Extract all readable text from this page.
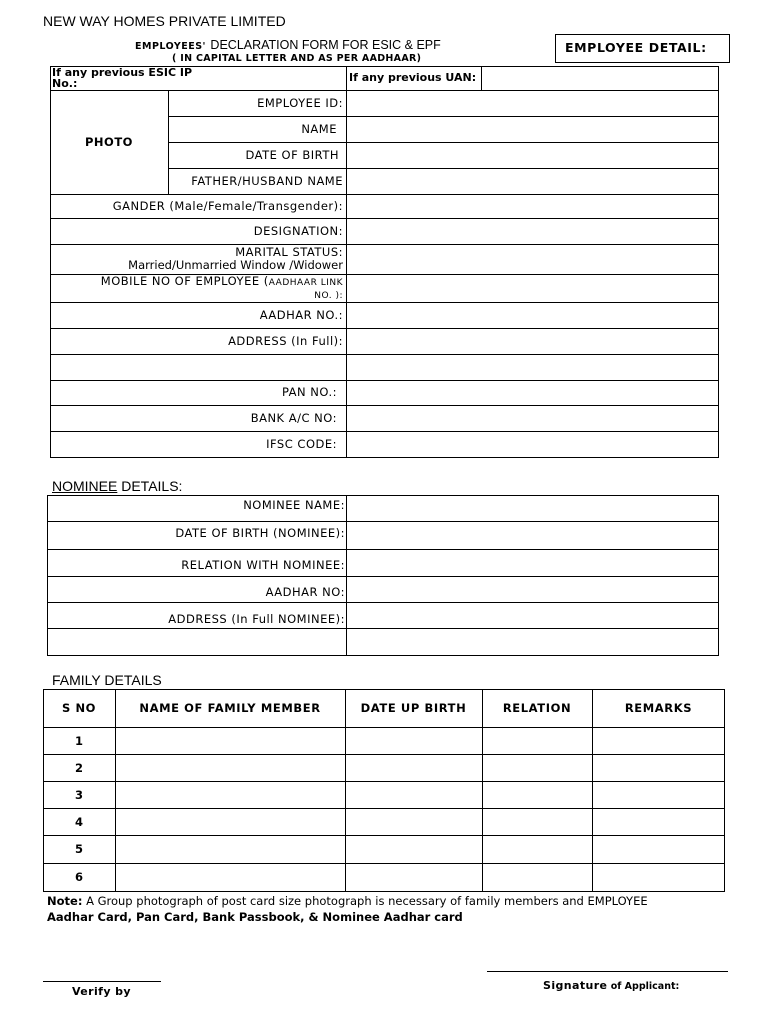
NEW WAY HOMES PRIVATE LIMITED
EMPLOYEES' DECLARATION FORM FOR ESIC & EPF
( IN CAPITAL LETTER AND AS PER AADHAAR)
EMPLOYEE DETAIL:
If any previous ESIC IP
No.:	If any previous UAN:
PHOTO
EMPLOYEE ID:
NAME
DATE OF BIRTH
FATHER/HUSBAND NAME
GANDER (Male/Female/Transgender):
DESIGNATION:
MARITAL STATUS:
Married/Unmarried Window /Widower
MOBILE NO OF EMPLOYEE (AADHAAR LINK
NO. ):
AADHAR NO.:
ADDRESS (In Full):
PAN NO.:
BANK A/C NO:
IFSC CODE:
NOMINEE DETAILS:
NOMINEE NAME:
DATE OF BIRTH (NOMINEE):
RELATION WITH NOMINEE:
AADHAR NO:
ADDRESS (In Full NOMINEE):
FAMILY DETAILS
S NO	NAME OF FAMILY MEMBER	DATE UP BIRTH	RELATION	REMARKS
1
2
3
4
5
6
Note: A Group photograph of post card size photograph is necessary of family members and EMPLOYEE
Aadhar Card, Pan Card, Bank Passbook, & Nominee Aadhar card
Verify by	Signature of Applicant:
